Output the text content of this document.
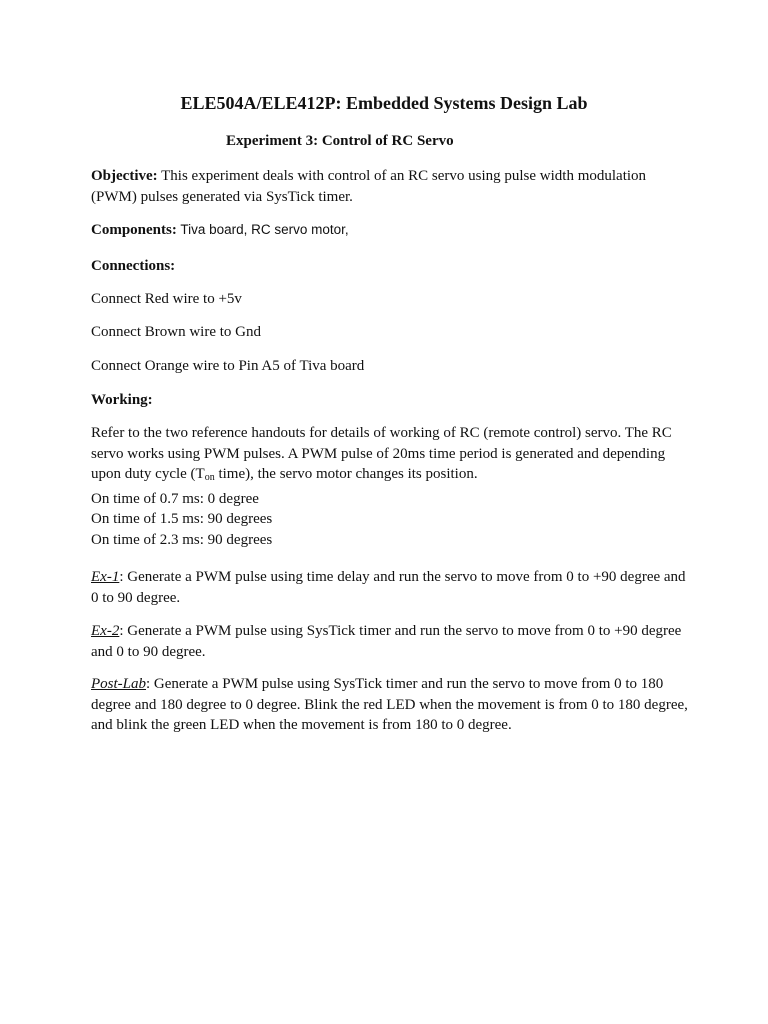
ELE504A/ELE412P: Embedded Systems Design Lab
Experiment 3: Control of RC Servo

Objective: This experiment deals with control of an RC servo using pulse width modulation (PWM) pulses generated via SysTick timer.

Components: Tiva board, RC servo motor,

Connections:

Connect Red wire to +5v

Connect Brown wire to Gnd

Connect Orange wire to Pin A5 of Tiva board

Working:

Refer to the two reference handouts for details of working of RC (remote control) servo. The RC servo works using PWM pulses. A PWM pulse of 20ms time period is generated and depending upon duty cycle ($T_{on}$ time), the servo motor changes its position.
On time of 0.7 ms: 0 degree
On time of 1.5 ms: 90 degrees
On time of 2.3 ms: 90 degrees

Ex-1: Generate a PWM pulse using time delay and run the servo to move from 0 to +90 degree and 0 to 90 degree.

Ex-2: Generate a PWM pulse using SysTick timer and run the servo to move from 0 to +90 degree and 0 to 90 degree.

Post-Lab: Generate a PWM pulse using SysTick timer and run the servo to move from 0 to 180 degree and 180 degree to 0 degree. Blink the red LED when the movement is from 0 to 180 degree, and blink the green LED when the movement is from 180 to 0 degree.
